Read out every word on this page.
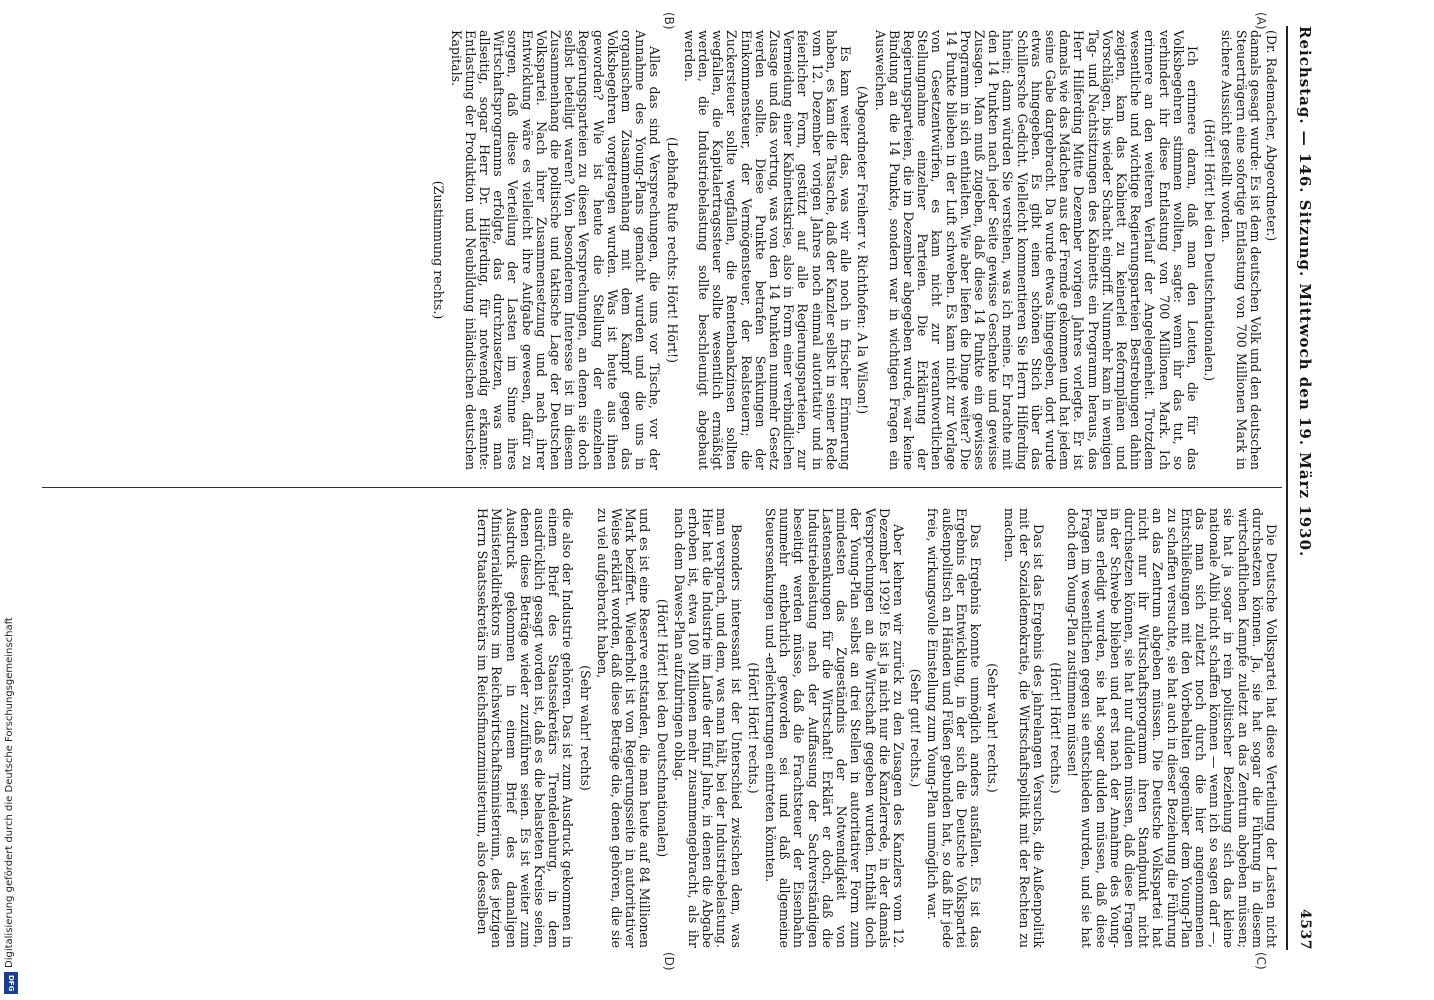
Reichstag. — 146. Sitzung. Mittwoch den 19. März 1930.
4537
(A)
(B)
(C)
(D)

(Dr. Rademacher, Abgeordneter.)

damals gesagt wurde: Es ist dem deutschen Volk und den deutschen Steuerträgern eine sofortige Entlastung von 700 Millionen Mark in sichere Aussicht gestellt worden.

(Hört! Hört! bei den Deutschnationalen.)

Ich erinnere daran, daß man den Leuten, die für das Volksbegehren stimmen wollten, sagte: wenn ihr das tut, so verhindert ihr diese Entlastung von 700 Millionen Mark. Ich erinnere an den weiteren Verlauf der Angelegenheit. Trotzdem wesentliche und wichtige Regierungsparteien Bestrebungen dahin zeigten, kam das Kabinett zu keinerlei Reformplänen und Vorschlägen, bis wieder Schacht eingriff. Nunmehr kam in wenigen Tag- und Nachtsitzungen des Kabinetts ein Programm heraus, das Herr Hilferding Mitte Dezember vorigen Jahres vorlegte. Er ist damals wie das Mädchen aus der Fremde gekommen und hat jedem seine Gabe dargebracht. Da wurde etwas hingegeben, dort wurde etwas hingegeben. Es gibt einen schönen Stich über das Schillersche Gedicht. Vielleicht kommentieren Sie Herrn Hilferding hinein; dann würden Sie verstehen, was ich meine. Er brachte mit den 14 Punkten nach jeder Seite gewisse Geschenke und gewisse Zusagen. Man muß zugeben, daß diese 14 Punkte ein gewisses Programm in sich enthielten. Wie aber liefen die Dinge weiter? Die 14 Punkte blieben in der Luft schweben. Es kam nicht zur Vorlage von Gesetzentwürfen, es kam nicht zur verantwortlichen Stellungnahme einzelner Parteien. Die Erklärung der Regierungsparteien, die im Dezember abgegeben wurde, war keine Bindung an die 14 Punkte, sondern war in wichtigen Fragen ein Ausweichen.

(Abgeordneter Freiherr v. Richthofen: A la Wilson!)

Es kam weiter das, was wir alle noch in frischer Erinnerung haben, es kam die Tatsache, daß der Kanzler selbst in seiner Rede vom 12. Dezember vorigen Jahres noch einmal autoritativ und in feierlicher Form, gestützt auf alle Regierungsparteien, zur Vermeidung einer Kabinettskrise, also in Form einer verbindlichen Zusage und das vortrug, was von den 14 Punkten nunmehr Gesetz werden sollte. Diese Punkte betrafen Senkungen der Einkommensteuer, der Vermögensteuer, der Realsteuern; die Zuckersteuer sollte wegfallen, die Rentenbankzinsen sollten wegfallen, die Kapitalertragssteuer sollte wesentlich ermäßigt werden, die Industriebelastung sollte beschleunigt abgebaut werden.

(Lebhafte Rufe rechts: Hört! Hört!)

Alles das sind Versprechungen, die uns vor Tische, vor der Annahme des Young-Plans gemacht wurden und die uns in organischem Zusammenhang mit dem Kampf gegen das Volksbegehren vorgetragen wurden. Was ist heute aus ihnen geworden? Wie ist heute die Stellung der einzelnen Regierungsparteien zu diesen Versprechungen, an denen sie doch selbst beteiligt waren? Von besonderem Interesse ist in diesem Zusammenhang die politische und taktische Lage der Deutschen Volkspartei. Nach ihrer Zusammensetzung und nach ihrer Entwicklung wäre es vielleicht ihre Aufgabe gewesen, dafür zu sorgen, daß diese Verteilung der Lasten im Sinne ihres Wirtschaftsprogramms erfolgte, das durchzusetzen, was man allseitig, sogar Herr Dr. Hilferding, für notwendig erkannte: Entlastung der Produktion und Neubildung inländischen deutschen Kapitals.

(Zustimmung rechts.)

Die Deutsche Volkspartei hat diese Verteilung der Lasten nicht durchsetzen können. Ja, sie hat sogar die Führung in diesem wirtschaftlichen Kampfe zuletzt an das Zentrum abgeben müssen; sie hat ja sogar in rein politischer Beziehung sich das kleine nationale Alibi nicht schaffen können — wenn ich so sagen darf —, das man sich zuletzt noch durch die hier angenommenen Entschließungen mit den Vorbehalten gegenüber dem Young-Plan zu schaffen versuchte, sie hat auch in dieser Beziehung die Führung an das Zentrum abgeben müssen. Die Deutsche Volkspartei hat nicht nur ihr Wirtschaftsprogramm ihren Standpunkt nicht durchsetzen können, sie hat nur dulden müssen, daß diese Fragen in der Schwebe blieben und erst nach der Annahme des Young-Plans erledigt wurden, sie hat sogar dulden müssen, daß diese Fragen im wesentlichen gegen sie entschieden wurden, und sie hat doch dem Young-Plan zustimmen müssen!

(Hört! Hört! rechts.)

Das ist das Ergebnis des jahrelangen Versuchs, die Außenpolitik mit der Sozialdemokratie, die Wirtschaftspolitik mit der Rechten zu machen.

(Sehr wahr! rechts.)

Das Ergebnis konnte unmöglich anders ausfallen. Es ist das Ergebnis der Entwicklung, in der sich die Deutsche Volkspartei außenpolitisch an Händen und Füßen gebunden hat, so daß ihr jede freie, wirkungsvolle Einstellung zum Young-Plan unmöglich war.

(Sehr gut! rechts.)

Aber kehren wir zurück zu den Zusagen des Kanzlers vom 12. Dezember 1929! Es ist ja nicht nur die Kanzlerrede, in der damals Versprechungen an die Wirtschaft gegeben wurden. Enthält doch der Young-Plan selbst an drei Stellen in autoritativer Form zum mindesten das Zugeständnis der Notwendigkeit von Lastensenkungen für die Wirtschaft! Erklärt er doch, daß die Industriebelastung nach der Auffassung der Sachverständigen beseitigt werden müsse, daß die Frachtsteuer der Eisenbahn nunmehr entbehrlich geworden sei und daß allgemeine Steuersenkungen und -erleichterungen eintreten könnten.

(Hört! Hört! rechts.)

Besonders interessant ist der Unterschied zwischen dem, was man versprach, und dem, was man hält, bei der Industriebelastung. Hier hat die Industrie im Laufe der fünf Jahre, in denen die Abgabe erhoben ist, etwa 100 Millionen mehr zusammengebracht, als ihr nach dem Dawes-Plan aufzubringen oblag.

(Hört! Hört! bei den Deutschnationalen)

und es ist eine Reserve entstanden, die man heute auf 84 Millionen Mark beziffert. Wiederholt ist von Regierungsseite in autoritativer Weise erklärt worden, daß diese Beträge die, denen gehören, die sie zu viel aufgebracht haben,

(Sehr wahr! rechts)

die also der Industrie gehören. Das ist zum Ausdruck gekommen in einem Brief des Staatssekretärs Trendelenburg, in dem ausdrücklich gesagt worden ist, daß es die belasteten Kreise seien, denen diese Beträge wieder zuzuführen seien. Es ist weiter zum Ausdruck gekommen in einem Brief des damaligen Ministerialdirektors im Reichswirtschaftsministerium, des jetzigen Herrn Staatssekretärs im Reichsfinanzministerium, also desselben

Digitalisierung gefördert durch die Deutsche Forschungsgemeinschaft
DFG
